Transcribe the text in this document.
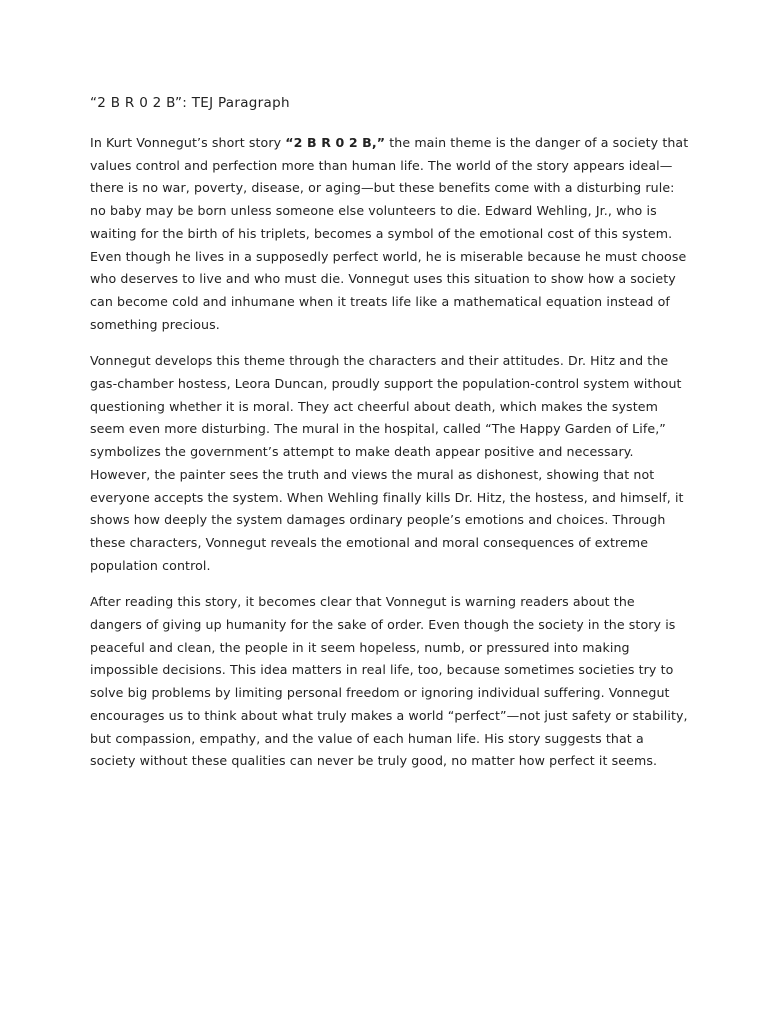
“2 B R 0 2 B”: TEJ Paragraph

In Kurt Vonnegut’s short story “2 B R 0 2 B,” the main theme is the danger of a society that values control and perfection more than human life. The world of the story appears ideal—there is no war, poverty, disease, or aging—but these benefits come with a disturbing rule: no baby may be born unless someone else volunteers to die. Edward Wehling, Jr., who is waiting for the birth of his triplets, becomes a symbol of the emotional cost of this system. Even though he lives in a supposedly perfect world, he is miserable because he must choose who deserves to live and who must die. Vonnegut uses this situation to show how a society can become cold and inhumane when it treats life like a mathematical equation instead of something precious.

Vonnegut develops this theme through the characters and their attitudes. Dr. Hitz and the gas-chamber hostess, Leora Duncan, proudly support the population-control system without questioning whether it is moral. They act cheerful about death, which makes the system seem even more disturbing. The mural in the hospital, called “The Happy Garden of Life,” symbolizes the government’s attempt to make death appear positive and necessary. However, the painter sees the truth and views the mural as dishonest, showing that not everyone accepts the system. When Wehling finally kills Dr. Hitz, the hostess, and himself, it shows how deeply the system damages ordinary people’s emotions and choices. Through these characters, Vonnegut reveals the emotional and moral consequences of extreme population control.

After reading this story, it becomes clear that Vonnegut is warning readers about the dangers of giving up humanity for the sake of order. Even though the society in the story is peaceful and clean, the people in it seem hopeless, numb, or pressured into making impossible decisions. This idea matters in real life, too, because sometimes societies try to solve big problems by limiting personal freedom or ignoring individual suffering. Vonnegut encourages us to think about what truly makes a world “perfect”—not just safety or stability, but compassion, empathy, and the value of each human life. His story suggests that a society without these qualities can never be truly good, no matter how perfect it seems.
